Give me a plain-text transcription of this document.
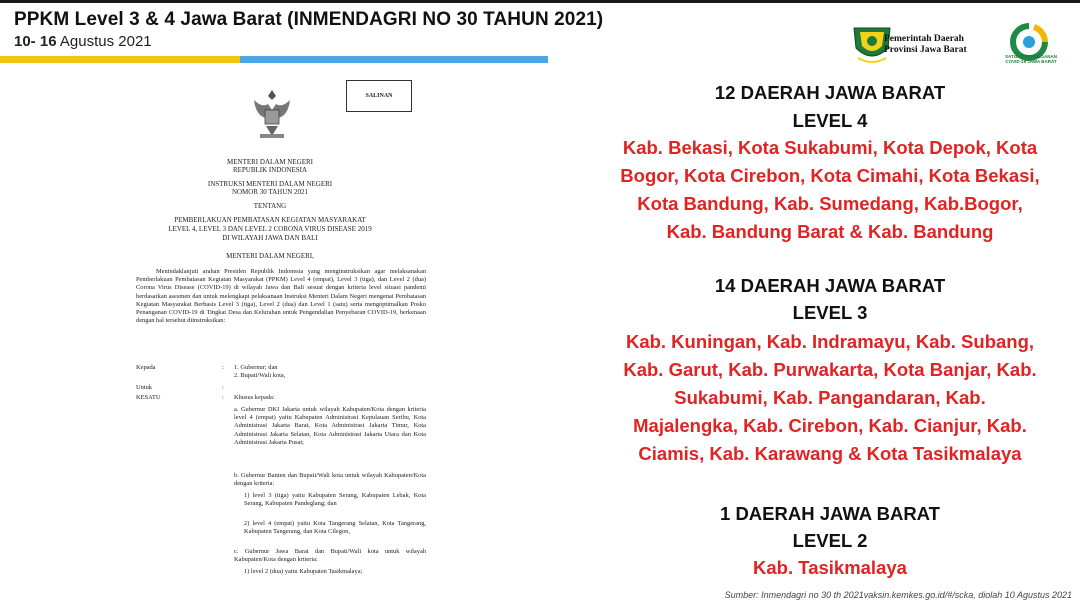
PPKM Level 3 & 4 Jawa Barat (INMENDAGRI NO 30 TAHUN 2021)
10- 16 Agustus 2021	Pemerintah Daerah
Provinsi Jawa Barat
SATGAS PENANGANAN
COVID-19 JAWA BARAT
SALINAN
MENTERI DALAM NEGERI
REPUBLIK INDONESIA
INSTRUKSI MENTERI DALAM NEGERI
NOMOR 30 TAHUN 2021
TENTANG
PEMBERLAKUAN PEMBATASAN KEGIATAN MASYARAKAT
LEVEL 4, LEVEL 3 DAN LEVEL 2 CORONA VIRUS DISEASE 2019
DI WILAYAH JAWA DAN BALI
MENTERI DALAM NEGERI,
Menindaklanjuti arahan Presiden Republik Indonesia yang menginstruksikan agar melaksanakan Pemberlakuan Pembatasan Kegiatan Masyarakat (PPKM) Level 4 (empat), Level 3 (tiga), dan Level 2 (dua) Corona Virus Disease (COVID-19) di wilayah Jawa dan Bali sesuai dengan kriteria level situasi pandemi berdasarkan asesmen dan untuk melengkapi pelaksanaan Instruksi Menteri Dalam Negeri mengenai Pembatasan Kegiatan Masyarakat Berbasis Level 3 (tiga), Level 2 (dua) dan Level 1 (satu) serta mengoptimalkan Posko Penanganan COVID-19 di Tingkat Desa dan Kelurahan untuk Pengendalian Penyebaran COVID-19, berkenaan dengan hal tersebut diinstruksikan:
Kepada	: 1. Gubernur; dan
2. Bupati/Wali kota,
Untuk	:
KESATU	: Khusus kepada:
a. Gubernur DKI Jakarta untuk wilayah Kabupaten/Kota dengan kriteria level 4 (empat) yaitu Kabupaten Administrasi Kepulauan Seribu, Kota Administrasi Jakarta Barat, Kota Administrasi Jakarta Timur, Kota Administrasi Jakarta Selatan, Kota Administrasi Jakarta Utara dan Kota Administrasi Jakarta Pusat;
b. Gubernur Banten dan Bupati/Wali kota untuk wilayah Kabupaten/Kota dengan kriteria:
1) level 3 (tiga) yaitu Kabupaten Serang, Kabupaten Lebak, Kota Serang, Kabupaten Pandeglang; dan
2) level 4 (empat) yaitu Kota Tangerang Selatan, Kota Tangerang, Kabupaten Tangerang, dan Kota Cilegon,
c. Gubernur Jawa Barat dan Bupati/Wali kota untuk wilayah Kabupaten/Kota dengan kriteria:
1) level 2 (dua) yaitu Kabupaten Tasikmalaya;
12 DAERAH JAWA BARAT
LEVEL 4
Kab. Bekasi, Kota Sukabumi, Kota Depok, Kota
Bogor, Kota Cirebon, Kota Cimahi, Kota Bekasi,
Kota Bandung, Kab. Sumedang, Kab.Bogor,
Kab. Bandung Barat & Kab. Bandung
14 DAERAH JAWA BARAT
LEVEL 3
Kab. Kuningan, Kab. Indramayu, Kab. Subang,
Kab. Garut, Kab. Purwakarta, Kota Banjar, Kab.
Sukabumi, Kab. Pangandaran, Kab.
Majalengka, Kab. Cirebon, Kab. Cianjur, Kab.
Ciamis, Kab. Karawang & Kota Tasikmalaya
1 DAERAH JAWA BARAT
LEVEL 2
Kab. Tasikmalaya
Sumber: Inmendagri no 30 th 2021vaksin.kemkes.go.id/#/scka, diolah 10 Agustus 2021
